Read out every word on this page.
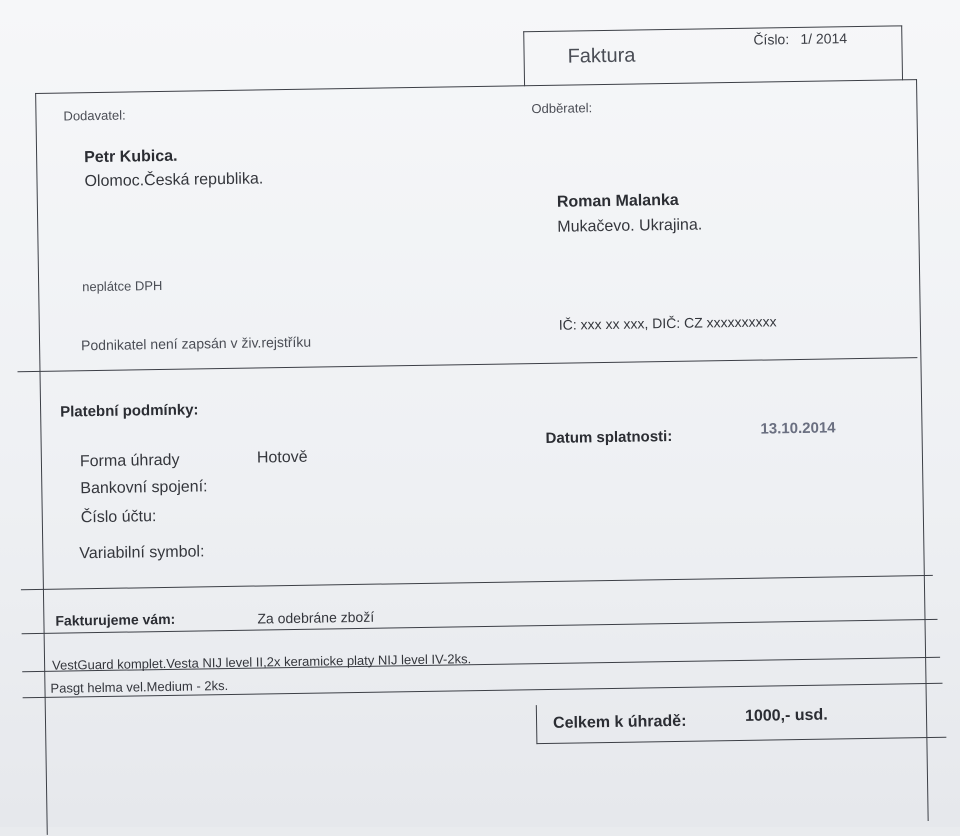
Faktura
Číslo: 1/ 2014
Dodavatel:
Petr Kubica.
Olomoc.Česká republika.
neplátce DPH
Podnikatel není zapsán v živ.rejstříku
Odběratel:
Roman Malanka
Mukačevo. Ukrajina.
IČ: xxx xx xxx, DIČ: CZ xxxxxxxxxx
Platební podmínky:
Forma úhrady	Hotově
Bankovní spojení:
Číslo účtu:
Variabilní symbol:
Datum splatnosti:	13.10.2014
Fakturujeme vám:	Za odebráne zboží
VestGuard komplet.Vesta NIJ level II,2x keramicke platy NIJ level IV-2ks.
Pasgt helma vel.Medium - 2ks.
Celkem k úhradě:	1000,- usd.
